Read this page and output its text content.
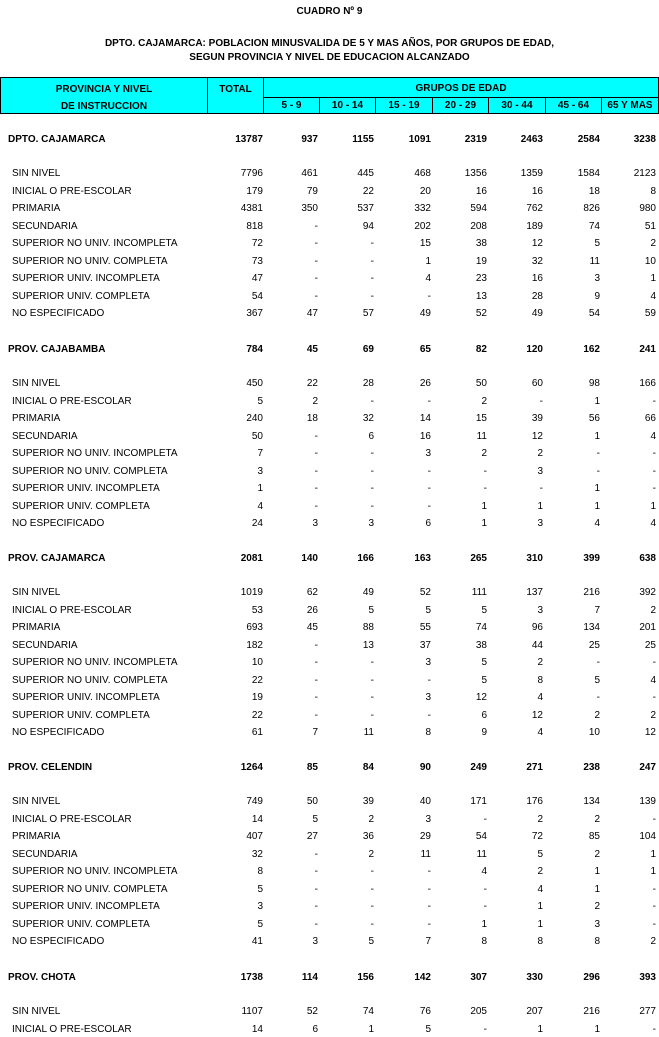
CUADRO Nº 9
DPTO. CAJAMARCA: POBLACION MINUSVALIDA DE 5 Y MAS AÑOS, POR GRUPOS DE EDAD,
SEGUN PROVINCIA Y NIVEL DE EDUCACION ALCANZADO
PROVINCIA Y NIVEL
DE INSTRUCCION
TOTAL	GRUPOS DE EDAD
5 - 9	10 - 14	15 - 19	20 - 29	30 - 44	45 - 64	65 Y MAS
DPTO. CAJAMARCA	13787	937	1155	1091	2319	2463	2584	3238
SIN NIVEL	7796	461	445	468	1356	1359	1584	2123
INICIAL O PRE-ESCOLAR	179	79	22	20	16	16	18	8
PRIMARIA	4381	350	537	332	594	762	826	980
SECUNDARIA	818	-	94	202	208	189	74	51
SUPERIOR NO UNIV. INCOMPLETA	72	-	-	15	38	12	5	2
SUPERIOR NO UNIV. COMPLETA	73	-	-	1	19	32	11	10
SUPERIOR UNIV. INCOMPLETA	47	-	-	4	23	16	3	1
SUPERIOR UNIV. COMPLETA	54	-	-	-	13	28	9	4
NO ESPECIFICADO	367	47	57	49	52	49	54	59
PROV. CAJABAMBA	784	45	69	65	82	120	162	241
SIN NIVEL	450	22	28	26	50	60	98	166
INICIAL O PRE-ESCOLAR	5	2	-	-	2	-	1	-
PRIMARIA	240	18	32	14	15	39	56	66
SECUNDARIA	50	-	6	16	11	12	1	4
SUPERIOR NO UNIV. INCOMPLETA	7	-	-	3	2	2	-	-
SUPERIOR NO UNIV. COMPLETA	3	-	-	-	-	3	-	-
SUPERIOR UNIV. INCOMPLETA	1	-	-	-	-	-	1	-
SUPERIOR UNIV. COMPLETA	4	-	-	-	1	1	1	1
NO ESPECIFICADO	24	3	3	6	1	3	4	4
PROV. CAJAMARCA	2081	140	166	163	265	310	399	638
SIN NIVEL	1019	62	49	52	111	137	216	392
INICIAL O PRE-ESCOLAR	53	26	5	5	5	3	7	2
PRIMARIA	693	45	88	55	74	96	134	201
SECUNDARIA	182	-	13	37	38	44	25	25
SUPERIOR NO UNIV. INCOMPLETA	10	-	-	3	5	2	-	-
SUPERIOR NO UNIV. COMPLETA	22	-	-	-	5	8	5	4
SUPERIOR UNIV. INCOMPLETA	19	-	-	3	12	4	-	-
SUPERIOR UNIV. COMPLETA	22	-	-	-	6	12	2	2
NO ESPECIFICADO	61	7	11	8	9	4	10	12
PROV. CELENDIN	1264	85	84	90	249	271	238	247
SIN NIVEL	749	50	39	40	171	176	134	139
INICIAL O PRE-ESCOLAR	14	5	2	3	-	2	2	-
PRIMARIA	407	27	36	29	54	72	85	104
SECUNDARIA	32	-	2	11	11	5	2	1
SUPERIOR NO UNIV. INCOMPLETA	8	-	-	-	4	2	1	1
SUPERIOR NO UNIV. COMPLETA	5	-	-	-	-	4	1	-
SUPERIOR UNIV. INCOMPLETA	3	-	-	-	-	1	2	-
SUPERIOR UNIV. COMPLETA	5	-	-	-	1	1	3	-
NO ESPECIFICADO	41	3	5	7	8	8	8	2
PROV. CHOTA	1738	114	156	142	307	330	296	393
SIN NIVEL	1107	52	74	76	205	207	216	277
INICIAL O PRE-ESCOLAR	14	6	1	5	-	1	1	-
